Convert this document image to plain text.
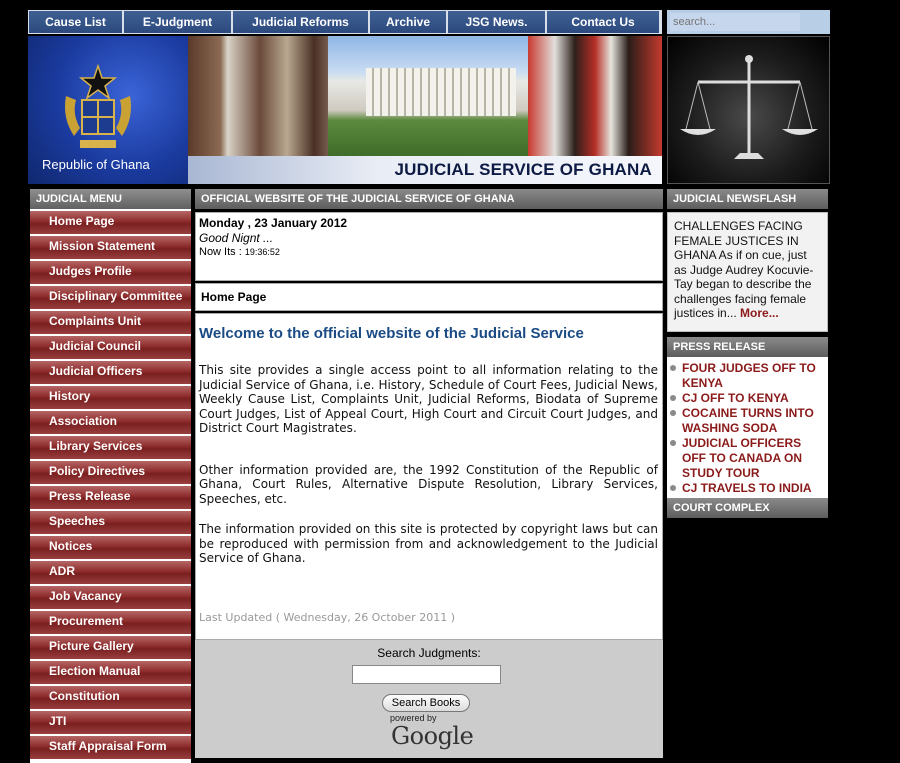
Cause List	E-Judgment	Judicial Reforms	Archive	JSG News.	Contact Us
search...
Republic of Ghana	JUDICIAL SERVICE OF GHANA
JUDICIAL MENU
Home Page
Mission Statement
Judges Profile
Disciplinary Committee
Complaints Unit
Judicial Council
Judicial Officers
History
Association
Library Services
Policy Directives
Press Release
Speeches
Notices
ADR
Job Vacancy
Procurement
Picture Gallery
Election Manual
Constitution
JTI
Staff Appraisal Form
OFFICIAL WEBSITE OF THE JUDICIAL SERVICE OF GHANA
Monday , 23 January 2012
Good Nignt ...
Now Its : 19:36:52
Home Page
Welcome to the official website of the Judicial Service

This site provides a single access point to all information relating to the Judicial Service of Ghana, i.e. History, Schedule of Court Fees, Judicial News, Weekly Cause List, Complaints Unit, Judicial Reforms, Biodata of Supreme Court Judges, List of Appeal Court, High Court and Circuit Court Judges, and District Court Magistrates.

Other information provided are, the 1992 Constitution of the Republic of Ghana, Court Rules, Alternative Dispute Resolution, Library Services, Speeches, etc.

The information provided on this site is protected by copyright laws but can be reproduced with permission from and acknowledgement to the Judicial Service of Ghana.

Last Updated ( Wednesday, 26 October 2011 )
Search Judgments:
Search Books
powered by
Google
JUDICIAL NEWSFLASH
CHALLENGES FACING FEMALE JUSTICES IN GHANA As if on cue, just as Judge Audrey Kocuvie-Tay began to describe the challenges facing female justices in... More...
PRESS RELEASE
FOUR JUDGES OFF TO KENYA
CJ OFF TO KENYA
COCAINE TURNS INTO WASHING SODA
JUDICIAL OFFICERS OFF TO CANADA ON STUDY TOUR
CJ TRAVELS TO INDIA
COURT COMPLEX
